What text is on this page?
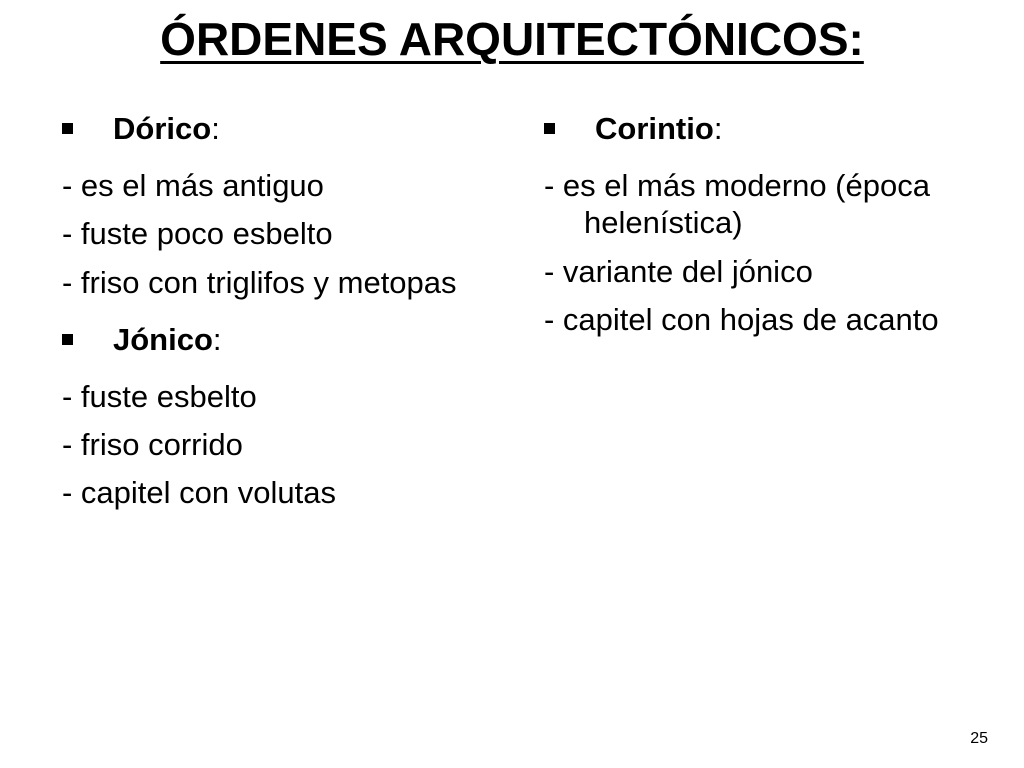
ÓRDENES ARQUITECTÓNICOS:
Dórico:
- es el más antiguo
- fuste poco esbelto
- friso con triglifos y metopas
Jónico:
- fuste esbelto
- friso corrido
- capitel con volutas
Corintio:
- es el más moderno (época helenística)
- variante del jónico
- capitel con hojas de acanto
25
